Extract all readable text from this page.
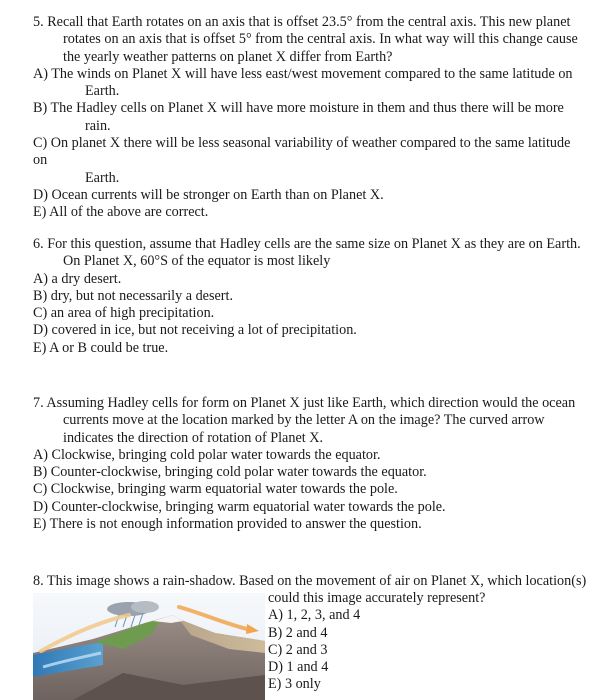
5. Recall that Earth rotates on an axis that is offset 23.5° from the central axis. This new planet
rotates on an axis that is offset 5° from the central axis. In what way will this change cause
the yearly weather patterns on planet X differ from Earth?
A) The winds on Planet X will have less east/west movement compared to the same latitude on
Earth.
B) The Hadley cells on Planet X will have more moisture in them and thus there will be more
rain.
C) On planet X there will be less seasonal variability of weather compared to the same latitude on
Earth.
D) Ocean currents will be stronger on Earth than on Planet X.
E) All of the above are correct.
6. For this question, assume that Hadley cells are the same size on Planet X as they are on Earth.
On Planet X, 60°S of the equator is most likely
A) a dry desert.
B) dry, but not necessarily a desert.
C) an area of high precipitation.
D) covered in ice, but not receiving a lot of precipitation.
E) A or B could be true.
7. Assuming Hadley cells for form on Planet X just like Earth, which direction would the ocean
currents move at the location marked by the letter A on the image? The curved arrow
indicates the direction of rotation of Planet X.
A) Clockwise, bringing cold polar water towards the equator.
B) Counter-clockwise, bringing cold polar water towards the equator.
C) Clockwise, bringing warm equatorial water towards the pole.
D) Counter-clockwise, bringing warm equatorial water towards the pole.
E) There is not enough information provided to answer the question.
8. This image shows a rain-shadow. Based on the movement of air on Planet X, which location(s)
could this image accurately represent?
A) 1, 2, 3, and 4
B) 2 and 4
C) 2 and 3
D) 1 and 4
E) 3 only
